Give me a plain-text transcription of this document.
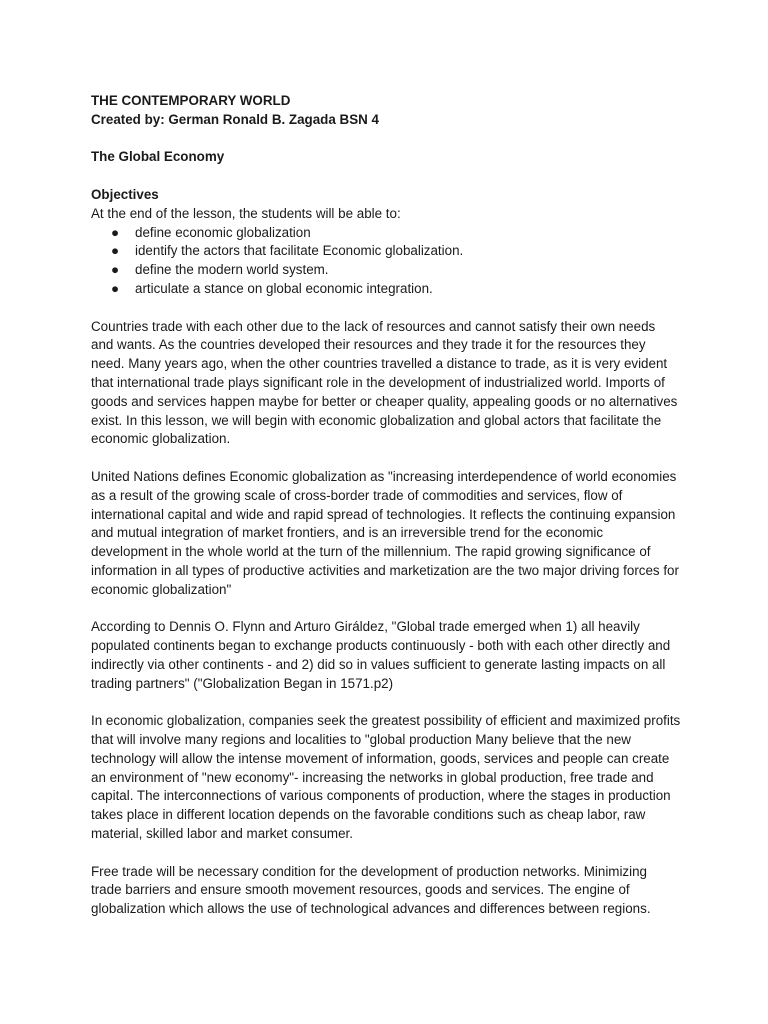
THE CONTEMPORARY WORLD
Created by: German Ronald B. Zagada BSN 4
The Global Economy
Objectives
At the end of the lesson, the students will be able to:
● define economic globalization
● identify the actors that facilitate Economic globalization.
● define the modern world system.
● articulate a stance on global economic integration.

Countries trade with each other due to the lack of resources and cannot satisfy their own needs and wants. As the countries developed their resources and they trade it for the resources they need. Many years ago, when the other countries travelled a distance to trade, as it is very evident that international trade plays significant role in the development of industrialized world. Imports of goods and services happen maybe for better or cheaper quality, appealing goods or no alternatives exist. In this lesson, we will begin with economic globalization and global actors that facilitate the economic globalization.

United Nations defines Economic globalization as "increasing interdependence of world economies as a result of the growing scale of cross-border trade of commodities and services, flow of international capital and wide and rapid spread of technologies. It reflects the continuing expansion and mutual integration of market frontiers, and is an irreversible trend for the economic development in the whole world at the turn of the millennium. The rapid growing significance of information in all types of productive activities and marketization are the two major driving forces for economic globalization"

According to Dennis O. Flynn and Arturo Giráldez, "Global trade emerged when 1) all heavily populated continents began to exchange products continuously - both with each other directly and indirectly via other continents - and 2) did so in values sufficient to generate lasting impacts on all trading partners" ("Globalization Began in 1571.p2)

In economic globalization, companies seek the greatest possibility of efficient and maximized profits that will involve many regions and localities to "global production Many believe that the new technology will allow the intense movement of information, goods, services and people can create an environment of "new economy"- increasing the networks in global production, free trade and capital. The interconnections of various components of production, where the stages in production takes place in different location depends on the favorable conditions such as cheap labor, raw material, skilled labor and market consumer.

Free trade will be necessary condition for the development of production networks. Minimizing trade barriers and ensure smooth movement resources, goods and services. The engine of globalization which allows the use of technological advances and differences between regions.
